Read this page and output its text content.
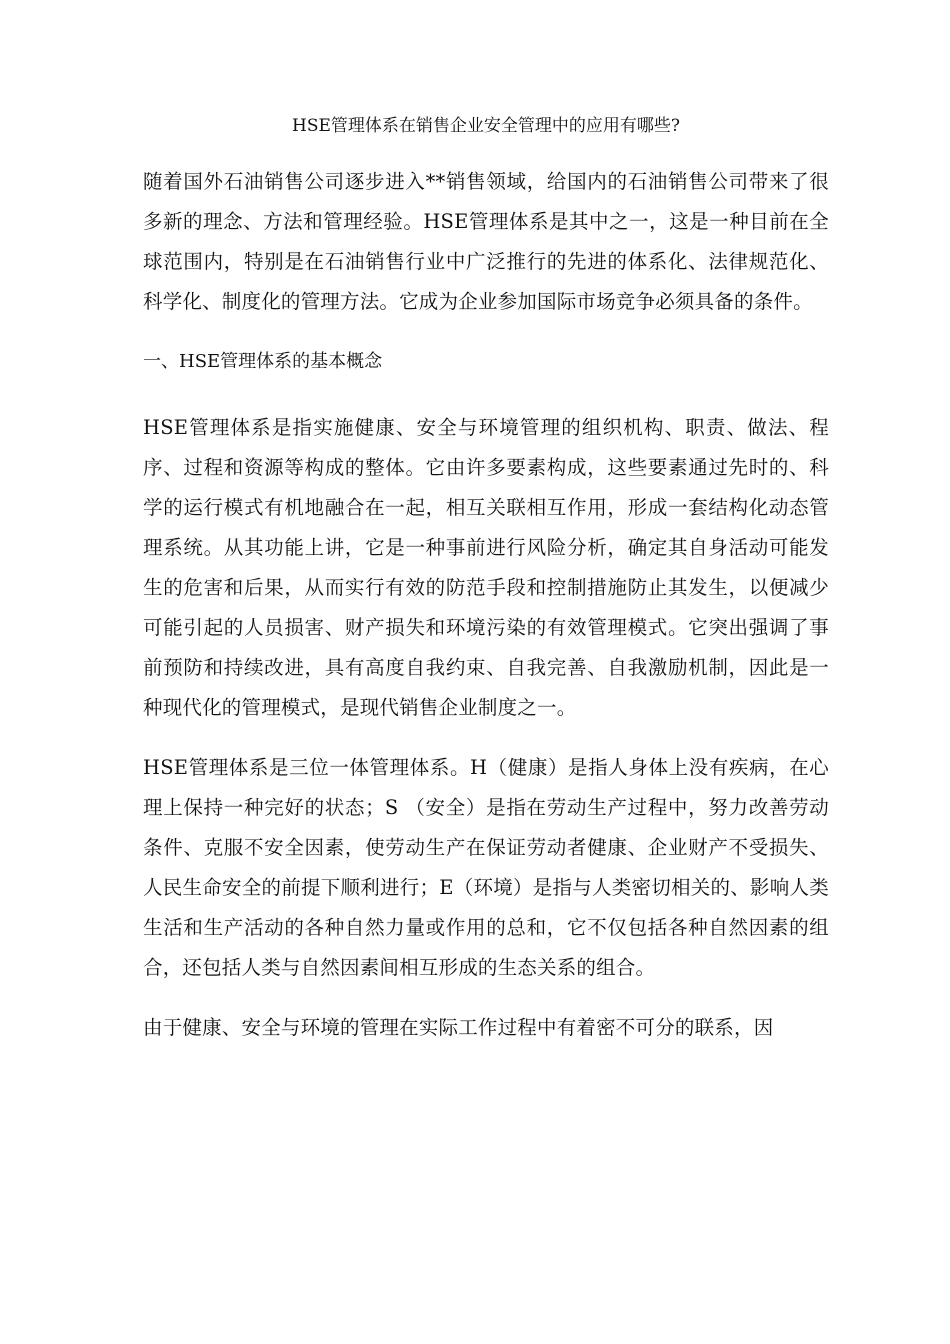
HSE管理体系在销售企业安全管理中的应用有哪些?

随着国外石油销售公司逐步进入**销售领域，给国内的石油销售公司带来了很多新的理念、方法和管理经验。HSE管理体系是其中之一，这是一种目前在全球范围内，特别是在石油销售行业中广泛推行的先进的体系化、法律规范化、科学化、制度化的管理方法。它成为企业参加国际市场竞争必须具备的条件。

一、HSE管理体系的基本概念

HSE管理体系是指实施健康、安全与环境管理的组织机构、职责、做法、程序、过程和资源等构成的整体。它由许多要素构成，这些要素通过先时的、科学的运行模式有机地融合在一起，相互关联相互作用，形成一套结构化动态管理系统。从其功能上讲，它是一种事前进行风险分析，确定其自身活动可能发生的危害和后果，从而实行有效的防范手段和控制措施防止其发生，以便减少可能引起的人员损害、财产损失和环境污染的有效管理模式。它突出强调了事前预防和持续改进，具有高度自我约束、自我完善、自我激励机制，因此是一种现代化的管理模式，是现代销售企业制度之一。

HSE管理体系是三位一体管理体系。H（健康）是指人身体上没有疾病，在心理上保持一种完好的状态；S （安全）是指在劳动生产过程中，努力改善劳动条件、克服不安全因素，使劳动生产在保证劳动者健康、企业财产不受损失、人民生命安全的前提下顺利进行；E（环境）是指与人类密切相关的、影响人类生活和生产活动的各种自然力量或作用的总和，它不仅包括各种自然因素的组合，还包括人类与自然因素间相互形成的生态关系的组合。

由于健康、安全与环境的管理在实际工作过程中有着密不可分的联系，因
